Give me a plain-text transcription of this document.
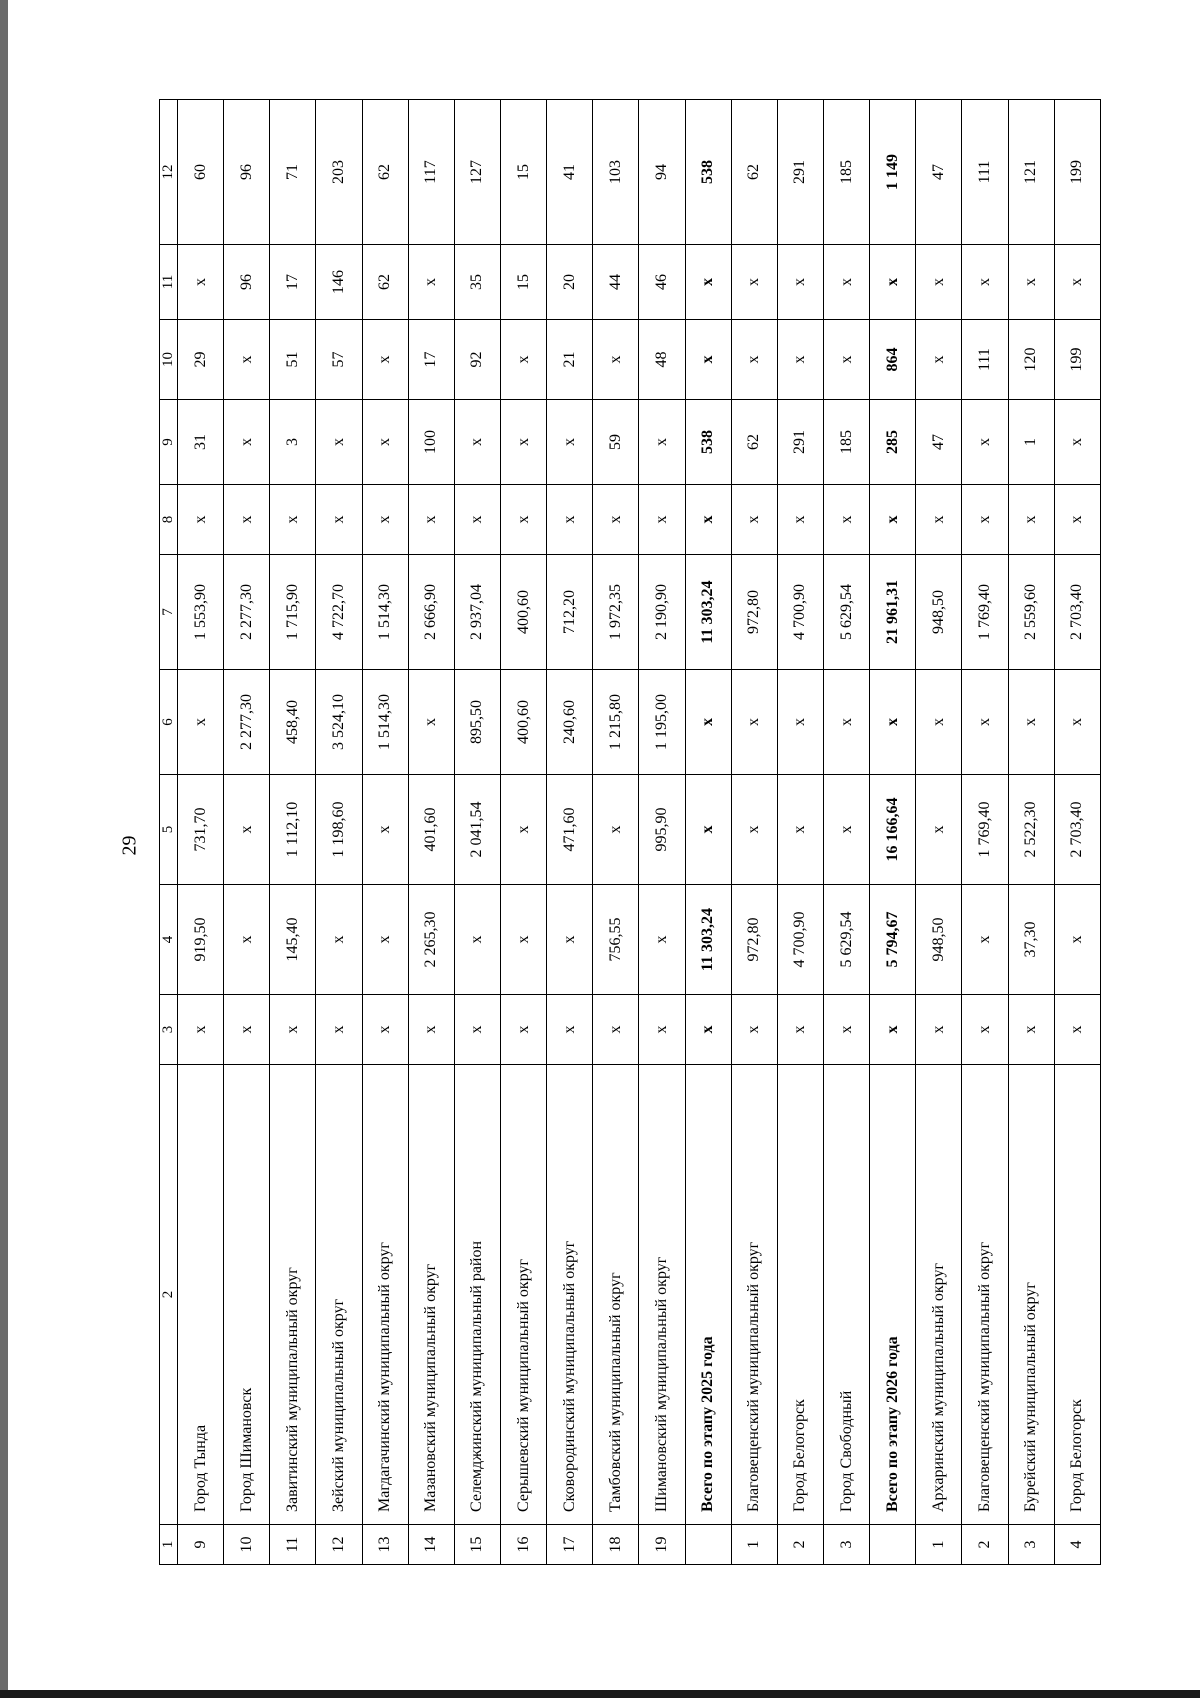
29
1	2	3	4	5	6	7	8	9	10	11	12
9	Город Тында	x	919,50	731,70	x	1 553,90	x	31	29	x	60
10	Город Шимановск	x	x	x	2 277,30	2 277,30	x	x	x	96	96
11	Завитинский муниципальный округ	x	145,40	1 112,10	458,40	1 715,90	x	3	51	17	71
12	Зейский муниципальный округ	x	x	1 198,60	3 524,10	4 722,70	x	x	57	146	203
13	Магдагачинский муниципальный округ	x	x	x	1 514,30	1 514,30	x	x	x	62	62
14	Мазановский муниципальный округ	x	2 265,30	401,60	x	2 666,90	x	100	17	x	117
15	Селемджинский муниципальный район	x	x	2 041,54	895,50	2 937,04	x	x	92	35	127
16	Серышевский муниципальный округ	x	x	x	400,60	400,60	x	x	x	15	15
17	Сковородинский муниципальный округ	x	x	471,60	240,60	712,20	x	x	21	20	41
18	Тамбовский муниципальный округ	x	756,55	x	1 215,80	1 972,35	x	59	x	44	103
19	Шимановский муниципальный округ	x	x	995,90	1 195,00	2 190,90	x	x	48	46	94
	Всего по этапу 2025 года	x	11 303,24	x	x	11 303,24	x	538	x	x	538
1	Благовещенский муниципальный округ	x	972,80	x	x	972,80	x	62	x	x	62
2	Город Белогорск	x	4 700,90	x	x	4 700,90	x	291	x	x	291
3	Город Свободный	x	5 629,54	x	x	5 629,54	x	185	x	x	185
	Всего по этапу 2026 года	x	5 794,67	16 166,64	x	21 961,31	x	285	864	x	1 149
1	Архаринский муниципальный округ	x	948,50	x	x	948,50	x	47	x	x	47
2	Благовещенский муниципальный округ	x	x	1 769,40	x	1 769,40	x	x	111	x	111
3	Бурейский муниципальный округ	x	37,30	2 522,30	x	2 559,60	x	1	120	x	121
4	Город Белогорск	x	x	2 703,40	x	2 703,40	x	x	199	x	199
